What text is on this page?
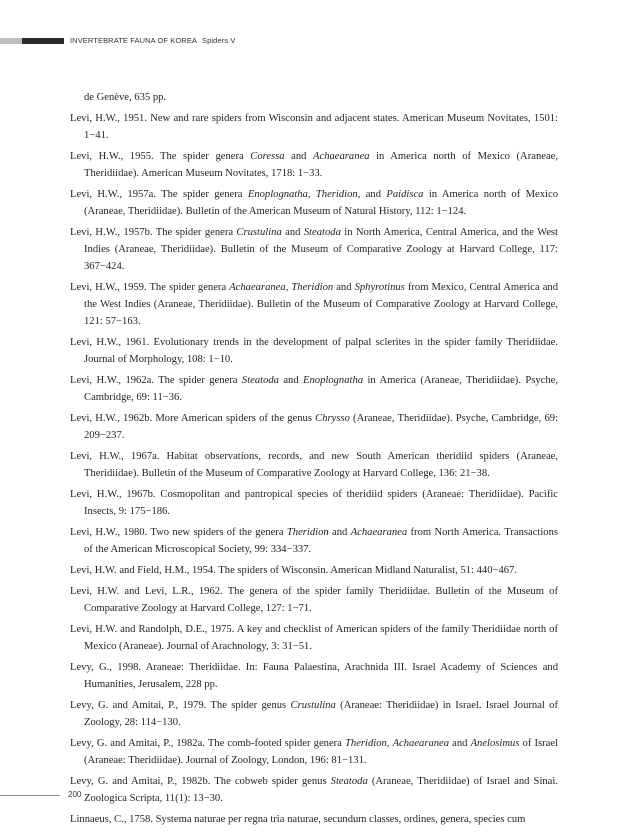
INVERTEBRATE FAUNA OF KOREA Spiders V
de Genève, 635 pp.
Levi, H.W., 1951. New and rare spiders from Wisconsin and adjacent states. American Museum Novitates, 1501: 1−41.
Levi, H.W., 1955. The spider genera Coressa and Achaearanea in America north of Mexico (Araneae, Theridiidae). American Museum Novitates, 1718: 1−33.
Levi, H.W., 1957a. The spider genera Enoplognatha, Theridion, and Paidisca in America north of Mexico (Araneae, Theridiidae). Bulletin of the American Museum of Natural History, 112: 1−124.
Levi, H.W., 1957b. The spider genera Crustulina and Steatoda in North America, Central America, and the West Indies (Araneae, Theridiidae). Bulletin of the Museum of Comparative Zoology at Harvard College, 117: 367−424.
Levi, H.W., 1959. The spider genera Achaearanea, Theridion and Sphyrotinus from Mexico, Central America and the West Indies (Araneae, Theridiidae). Bulletin of the Museum of Comparative Zoology at Harvard College, 121: 57−163.
Levi, H.W., 1961. Evolutionary trends in the development of palpal sclerites in the spider family Theridiidae. Journal of Morphology, 108: 1−10.
Levi, H.W., 1962a. The spider genera Steatoda and Enoplognatha in America (Araneae, Theridiidae). Psyche, Cambridge, 69: 11−36.
Levi, H.W., 1962b. More American spiders of the genus Chrysso (Araneae, Theridiidae). Psyche, Cambridge, 69: 209−237.
Levi, H.W., 1967a. Habitat observations, records, and new South American theridiid spiders (Araneae, Theridiidae). Bulletin of the Museum of Comparative Zoology at Harvard College, 136: 21−38.
Levi, H.W., 1967b. Cosmopolitan and pantropical species of theridiid spiders (Araneae: Theridiidae). Pacific Insects, 9: 175−186.
Levi, H.W., 1980. Two new spiders of the genera Theridion and Achaearanea from North America. Transactions of the American Microscopical Society, 99: 334−337.
Levi, H.W. and Field, H.M., 1954. The spiders of Wisconsin. American Midland Naturalist, 51: 440−467.
Levi, H.W. and Levi, L.R., 1962. The genera of the spider family Theridiidae. Bulletin of the Museum of Comparative Zoology at Harvard College, 127: 1−71.
Levi, H.W. and Randolph, D.E., 1975. A key and checklist of American spiders of the family Theridiidae north of Mexico (Araneae). Journal of Arachnology, 3: 31−51.
Levy, G., 1998. Araneae: Theridiidae. In: Fauna Palaestina, Arachnida III. Israel Academy of Sciences and Humanities, Jerusalem, 228 pp.
Levy, G. and Amitai, P., 1979. The spider genus Crustulina (Araneae: Theridiidae) in Israel. Israel Journal of Zoology, 28: 114−130.
Levy, G. and Amitai, P., 1982a. The comb-footed spider genera Theridion, Achaearanea and Anelosimus of Israel (Araneae: Theridiidae). Journal of Zoology, London, 196: 81−131.
Levy, G. and Amitai, P., 1982b. The cobweb spider genus Steatoda (Araneae, Theridiidae) of Israel and Sinai. Zoologica Scripta, 11(1): 13−30.
Linnaeus, C., 1758. Systema naturae per regna tria naturae, secundum classes, ordines, genera, species cum
200
